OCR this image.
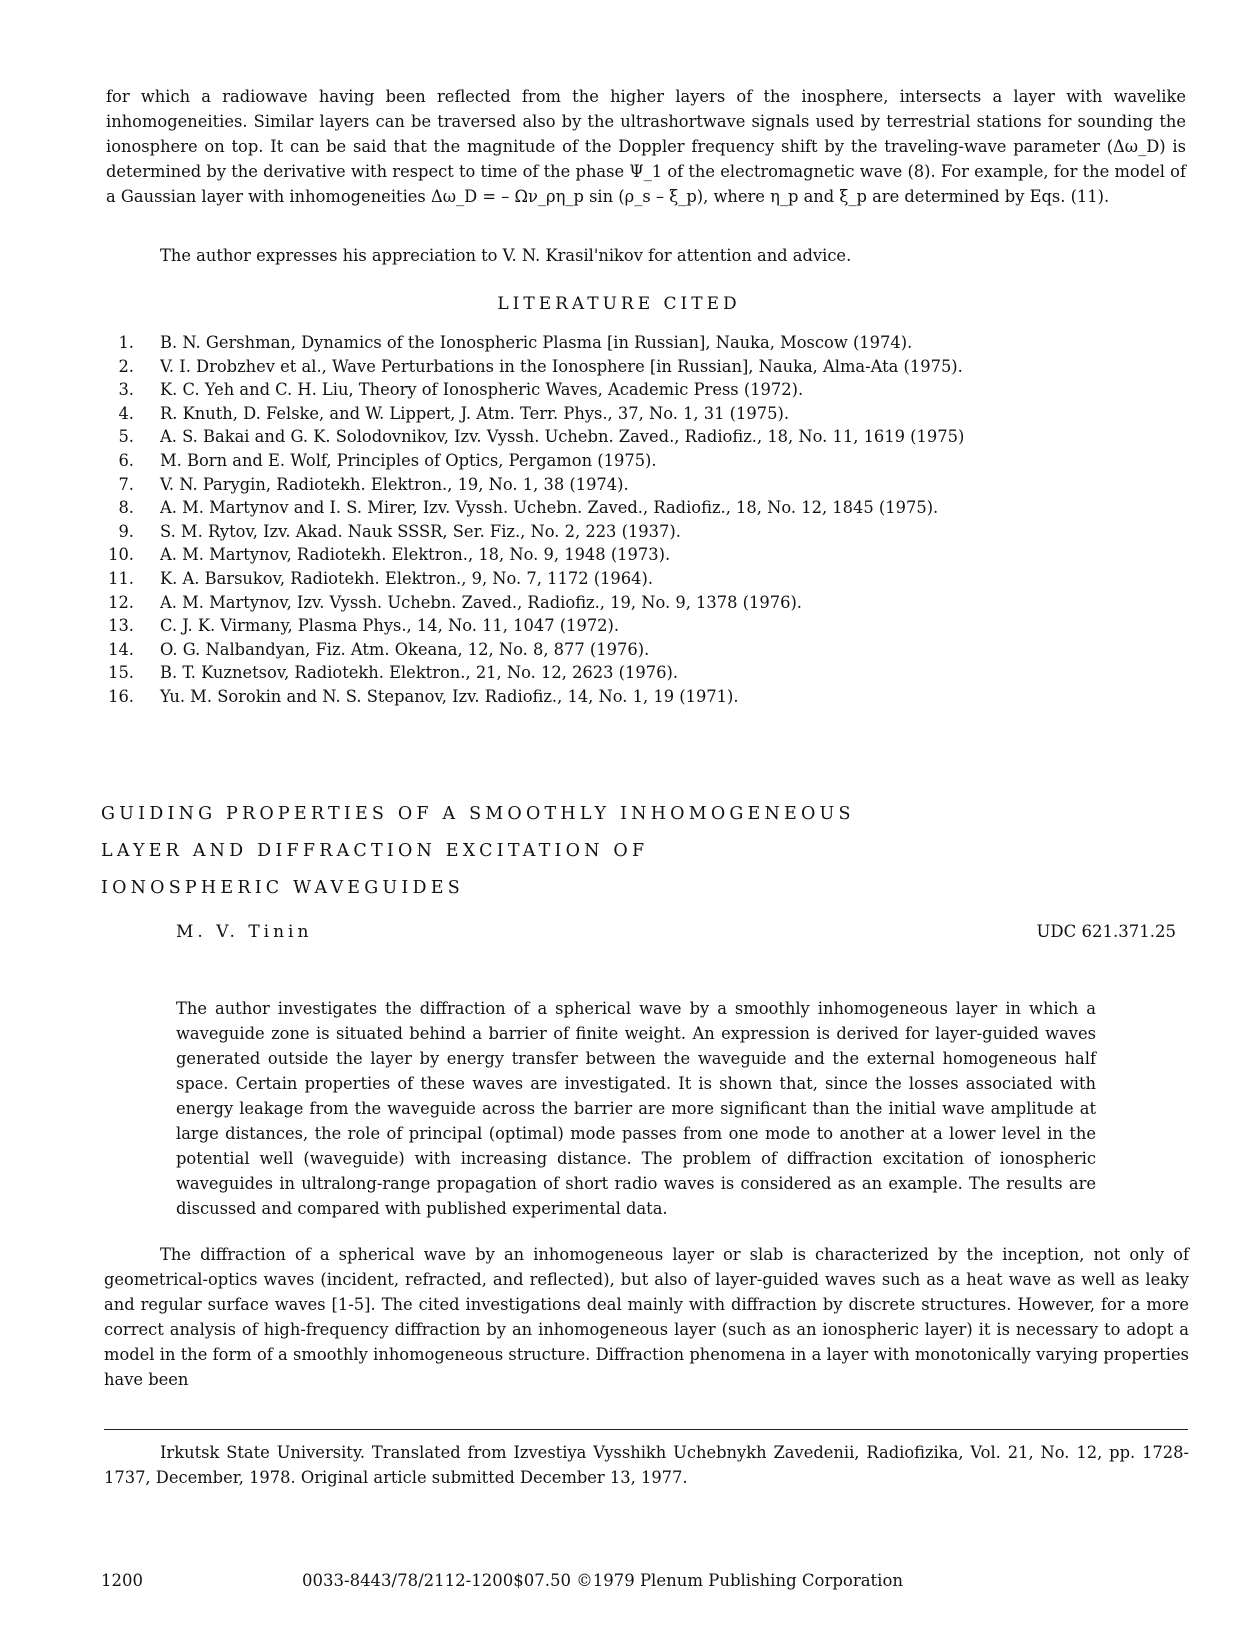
for which a radiowave having been reflected from the higher layers of the inosphere, intersects a layer with wavelike inhomogeneities. Similar layers can be traversed also by the ultrashortwave signals used by terrestrial stations for sounding the ionosphere on top. It can be said that the magnitude of the Doppler frequency shift by the traveling-wave parameter (Δω_D) is determined by the derivative with respect to time of the phase Ψ_1 of the electromagnetic wave (8). For example, for the model of a Gaussian layer with inhomogeneities Δω_D = – Ων_ρη_p sin (ρ_s – ξ_p), where η_p and ξ_p are determined by Eqs. (11).
The author expresses his appreciation to V. N. Krasil'nikov for attention and advice.
LITERATURE CITED
1. B. N. Gershman, Dynamics of the Ionospheric Plasma [in Russian], Nauka, Moscow (1974).
2. V. I. Drobzhev et al., Wave Perturbations in the Ionosphere [in Russian], Nauka, Alma-Ata (1975).
3. K. C. Yeh and C. H. Liu, Theory of Ionospheric Waves, Academic Press (1972).
4. R. Knuth, D. Felske, and W. Lippert, J. Atm. Terr. Phys., 37, No. 1, 31 (1975).
5. A. S. Bakai and G. K. Solodovnikov, Izv. Vyssh. Uchebn. Zaved., Radiofiz., 18, No. 11, 1619 (1975)
6. M. Born and E. Wolf, Principles of Optics, Pergamon (1975).
7. V. N. Parygin, Radiotekh. Elektron., 19, No. 1, 38 (1974).
8. A. M. Martynov and I. S. Mirer, Izv. Vyssh. Uchebn. Zaved., Radiofiz., 18, No. 12, 1845 (1975).
9. S. M. Rytov, Izv. Akad. Nauk SSSR, Ser. Fiz., No. 2, 223 (1937).
10. A. M. Martynov, Radiotekh. Elektron., 18, No. 9, 1948 (1973).
11. K. A. Barsukov, Radiotekh. Elektron., 9, No. 7, 1172 (1964).
12. A. M. Martynov, Izv. Vyssh. Uchebn. Zaved., Radiofiz., 19, No. 9, 1378 (1976).
13. C. J. K. Virmany, Plasma Phys., 14, No. 11, 1047 (1972).
14. O. G. Nalbandyan, Fiz. Atm. Okeana, 12, No. 8, 877 (1976).
15. B. T. Kuznetsov, Radiotekh. Elektron., 21, No. 12, 2623 (1976).
16. Yu. M. Sorokin and N. S. Stepanov, Izv. Radiofiz., 14, No. 1, 19 (1971).
GUIDING PROPERTIES OF A SMOOTHLY INHOMOGENEOUS
LAYER AND DIFFRACTION EXCITATION OF
IONOSPHERIC WAVEGUIDES
M. V. Tinin	UDC 621.371.25
The author investigates the diffraction of a spherical wave by a smoothly inhomogeneous layer in which a waveguide zone is situated behind a barrier of finite weight. An expression is derived for layer-guided waves generated outside the layer by energy transfer between the waveguide and the external homogeneous half space. Certain properties of these waves are investigated. It is shown that, since the losses associated with energy leakage from the waveguide across the barrier are more significant than the initial wave amplitude at large distances, the role of principal (optimal) mode passes from one mode to another at a lower level in the potential well (waveguide) with increasing distance. The problem of diffraction excitation of ionospheric waveguides in ultralong-range propagation of short radio waves is considered as an example. The results are discussed and compared with published experimental data.
The diffraction of a spherical wave by an inhomogeneous layer or slab is characterized by the inception, not only of geometrical-optics waves (incident, refracted, and reflected), but also of layer-guided waves such as a heat wave as well as leaky and regular surface waves [1-5]. The cited investigations deal mainly with diffraction by discrete structures. However, for a more correct analysis of high-frequency diffraction by an inhomogeneous layer (such as an ionospheric layer) it is necessary to adopt a model in the form of a smoothly inhomogeneous structure. Diffraction phenomena in a layer with monotonically varying properties have been
Irkutsk State University. Translated from Izvestiya Vysshikh Uchebnykh Zavedenii, Radiofizika, Vol. 21, No. 12, pp. 1728-1737, December, 1978. Original article submitted December 13, 1977.
1200	0033-8443/78/2112-1200$07.50 ©1979 Plenum Publishing Corporation
